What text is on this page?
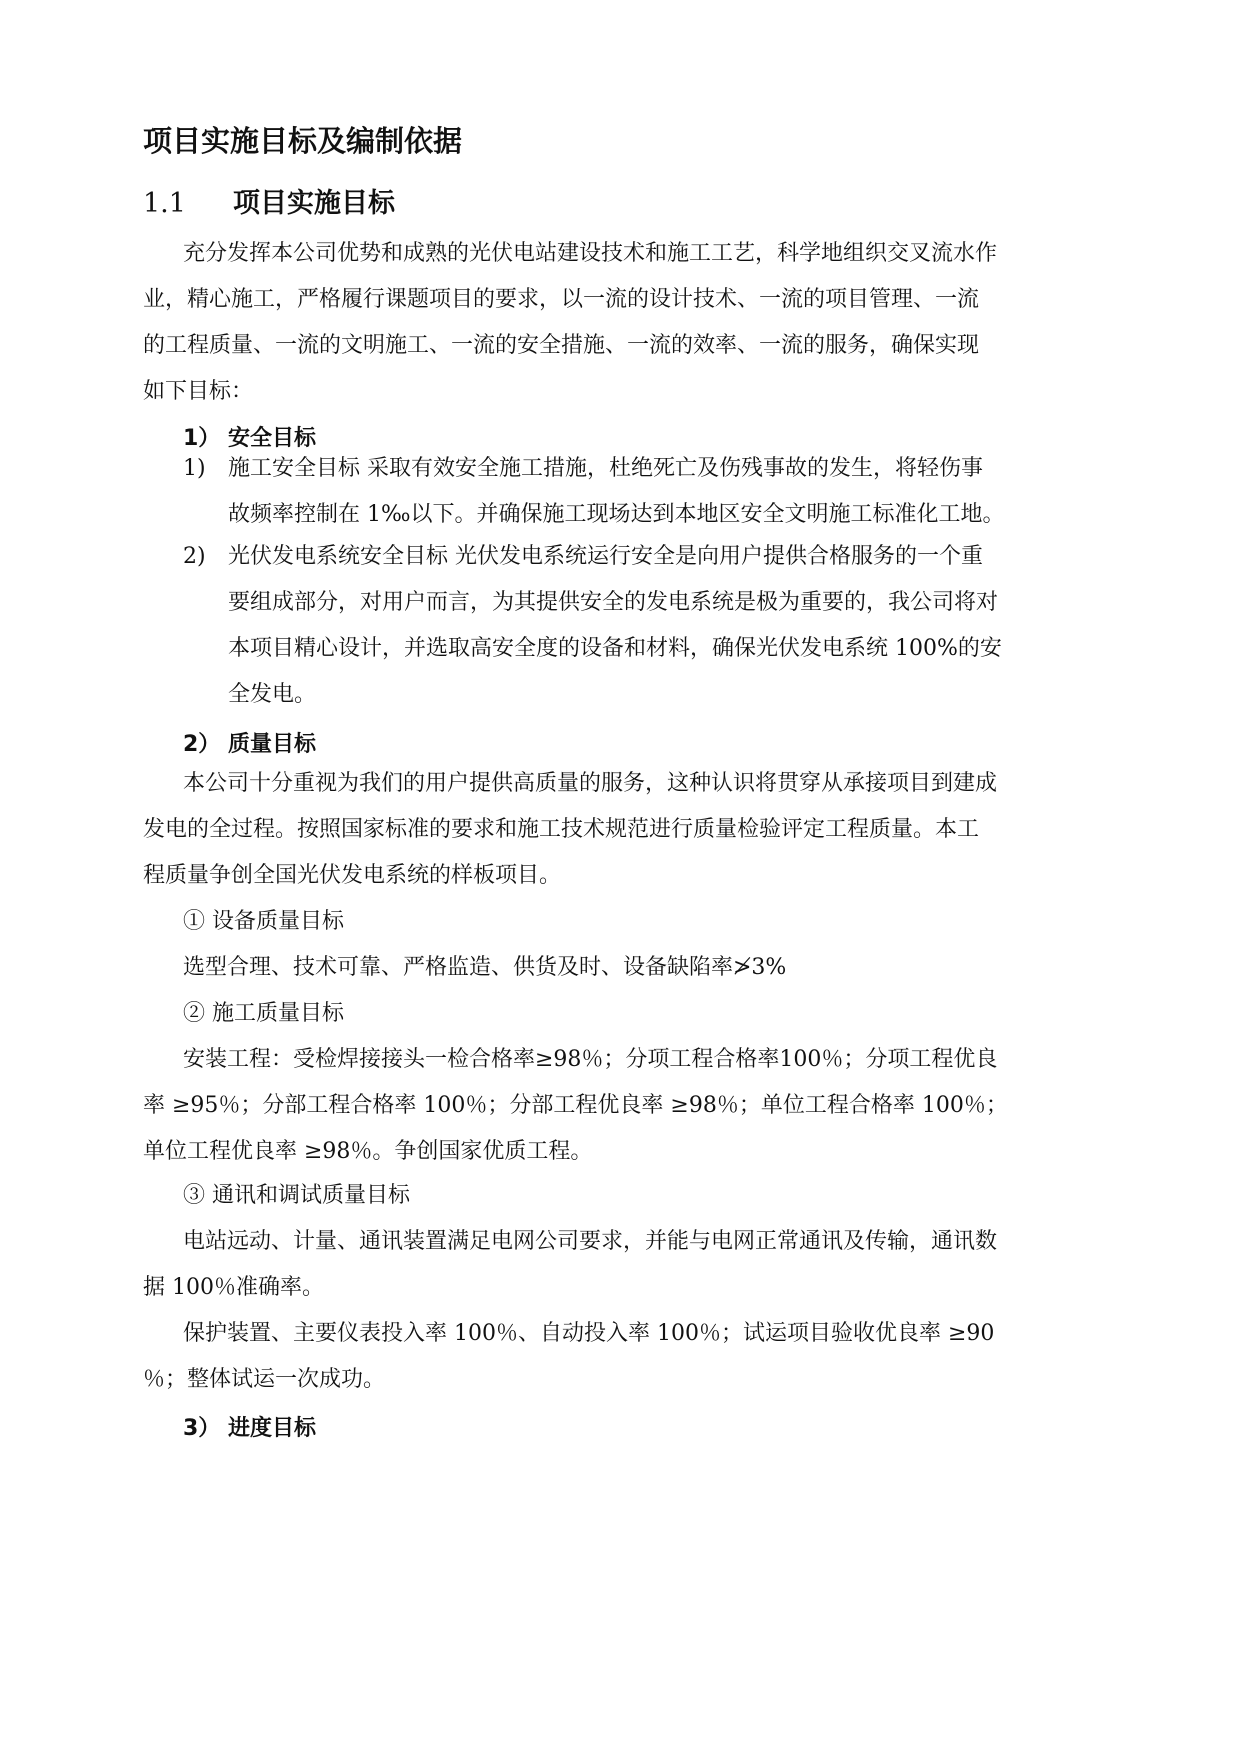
项目实施目标及编制依据
1.1 项目实施目标
充分发挥本公司优势和成熟的光伏电站建设技术和施工工艺，科学地组织交叉流水作
业，精心施工，严格履行课题项目的要求，以一流的设计技术、一流的项目管理、一流
的工程质量、一流的文明施工、一流的安全措施、一流的效率、一流的服务，确保实现
如下目标：
1） 安全目标
1) 施工安全目标 采取有效安全施工措施，杜绝死亡及伤残事故的发生，将轻伤事
故频率控制在 1‰以下。并确保施工现场达到本地区安全文明施工标准化工地。
2) 光伏发电系统安全目标 光伏发电系统运行安全是向用户提供合格服务的一个重
要组成部分，对用户而言，为其提供安全的发电系统是极为重要的，我公司将对
本项目精心设计，并选取高安全度的设备和材料，确保光伏发电系统 100%的安
全发电。
2） 质量目标
本公司十分重视为我们的用户提供高质量的服务，这种认识将贯穿从承接项目到建成
发电的全过程。按照国家标准的要求和施工技术规范进行质量检验评定工程质量。本工
程质量争创全国光伏发电系统的样板项目。
① 设备质量目标
选型合理、技术可靠、严格监造、供货及时、设备缺陷率≯3%
② 施工质量目标
安装工程：受检焊接接头一检合格率≥98％；分项工程合格率100％；分项工程优良
率 ≥95％；分部工程合格率 100％；分部工程优良率 ≥98％；单位工程合格率 100％；
单位工程优良率 ≥98％。争创国家优质工程。
③ 通讯和调试质量目标
电站远动、计量、通讯装置满足电网公司要求，并能与电网正常通讯及传输，通讯数
据 100％准确率。
保护装置、主要仪表投入率 100％、自动投入率 100％；试运项目验收优良率 ≥90
％；整体试运一次成功。
3） 进度目标
